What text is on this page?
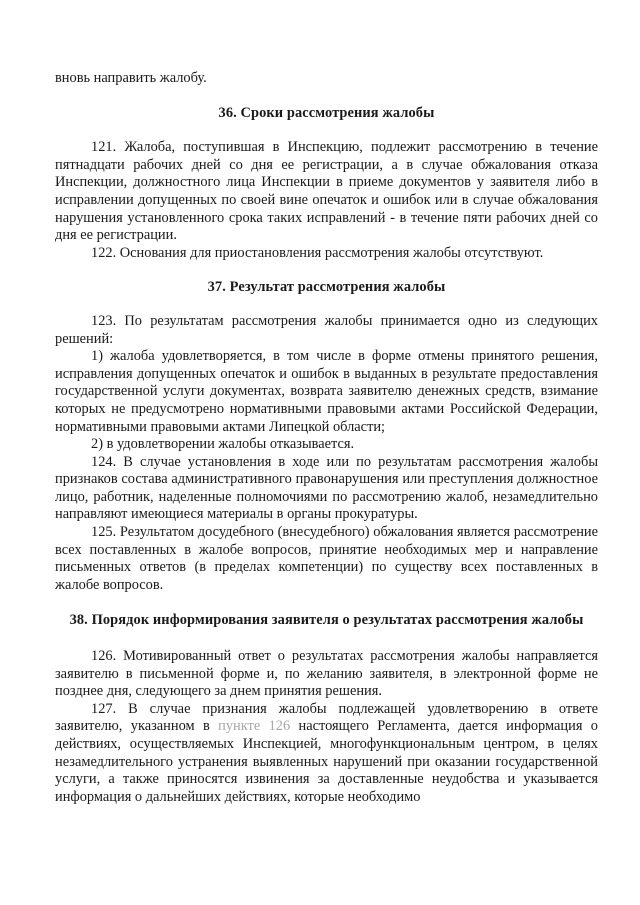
вновь направить жалобу.

36. Сроки рассмотрения жалобы

121. Жалоба, поступившая в Инспекцию, подлежит рассмотрению в течение пятнадцати рабочих дней со дня ее регистрации, а в случае обжалования отказа Инспекции, должностного лица Инспекции в приеме документов у заявителя либо в исправлении допущенных по своей вине опечаток и ошибок или в случае обжалования нарушения установленного срока таких исправлений - в течение пяти рабочих дней со дня ее регистрации.

122. Основания для приостановления рассмотрения жалобы отсутствуют.

37. Результат рассмотрения жалобы

123. По результатам рассмотрения жалобы принимается одно из следующих решений:

1) жалоба удовлетворяется, в том числе в форме отмены принятого решения, исправления допущенных опечаток и ошибок в выданных в результате предоставления государственной услуги документах, возврата заявителю денежных средств, взимание которых не предусмотрено нормативными правовыми актами Российской Федерации, нормативными правовыми актами Липецкой области;

2) в удовлетворении жалобы отказывается.

124. В случае установления в ходе или по результатам рассмотрения жалобы признаков состава административного правонарушения или преступления должностное лицо, работник, наделенные полномочиями по рассмотрению жалоб, незамедлительно направляют имеющиеся материалы в органы прокуратуры.

125. Результатом досудебного (внесудебного) обжалования является рассмотрение всех поставленных в жалобе вопросов, принятие необходимых мер и направление письменных ответов (в пределах компетенции) по существу всех поставленных в жалобе вопросов.

38. Порядок информирования заявителя о результатах рассмотрения жалобы

126. Мотивированный ответ о результатах рассмотрения жалобы направляется заявителю в письменной форме и, по желанию заявителя, в электронной форме не позднее дня, следующего за днем принятия решения.

127. В случае признания жалобы подлежащей удовлетворению в ответе заявителю, указанном в пункте 126 настоящего Регламента, дается информация о действиях, осуществляемых Инспекцией, многофункциональным центром, в целях незамедлительного устранения выявленных нарушений при оказании государственной услуги, а также приносятся извинения за доставленные неудобства и указывается информация о дальнейших действиях, которые необходимо
